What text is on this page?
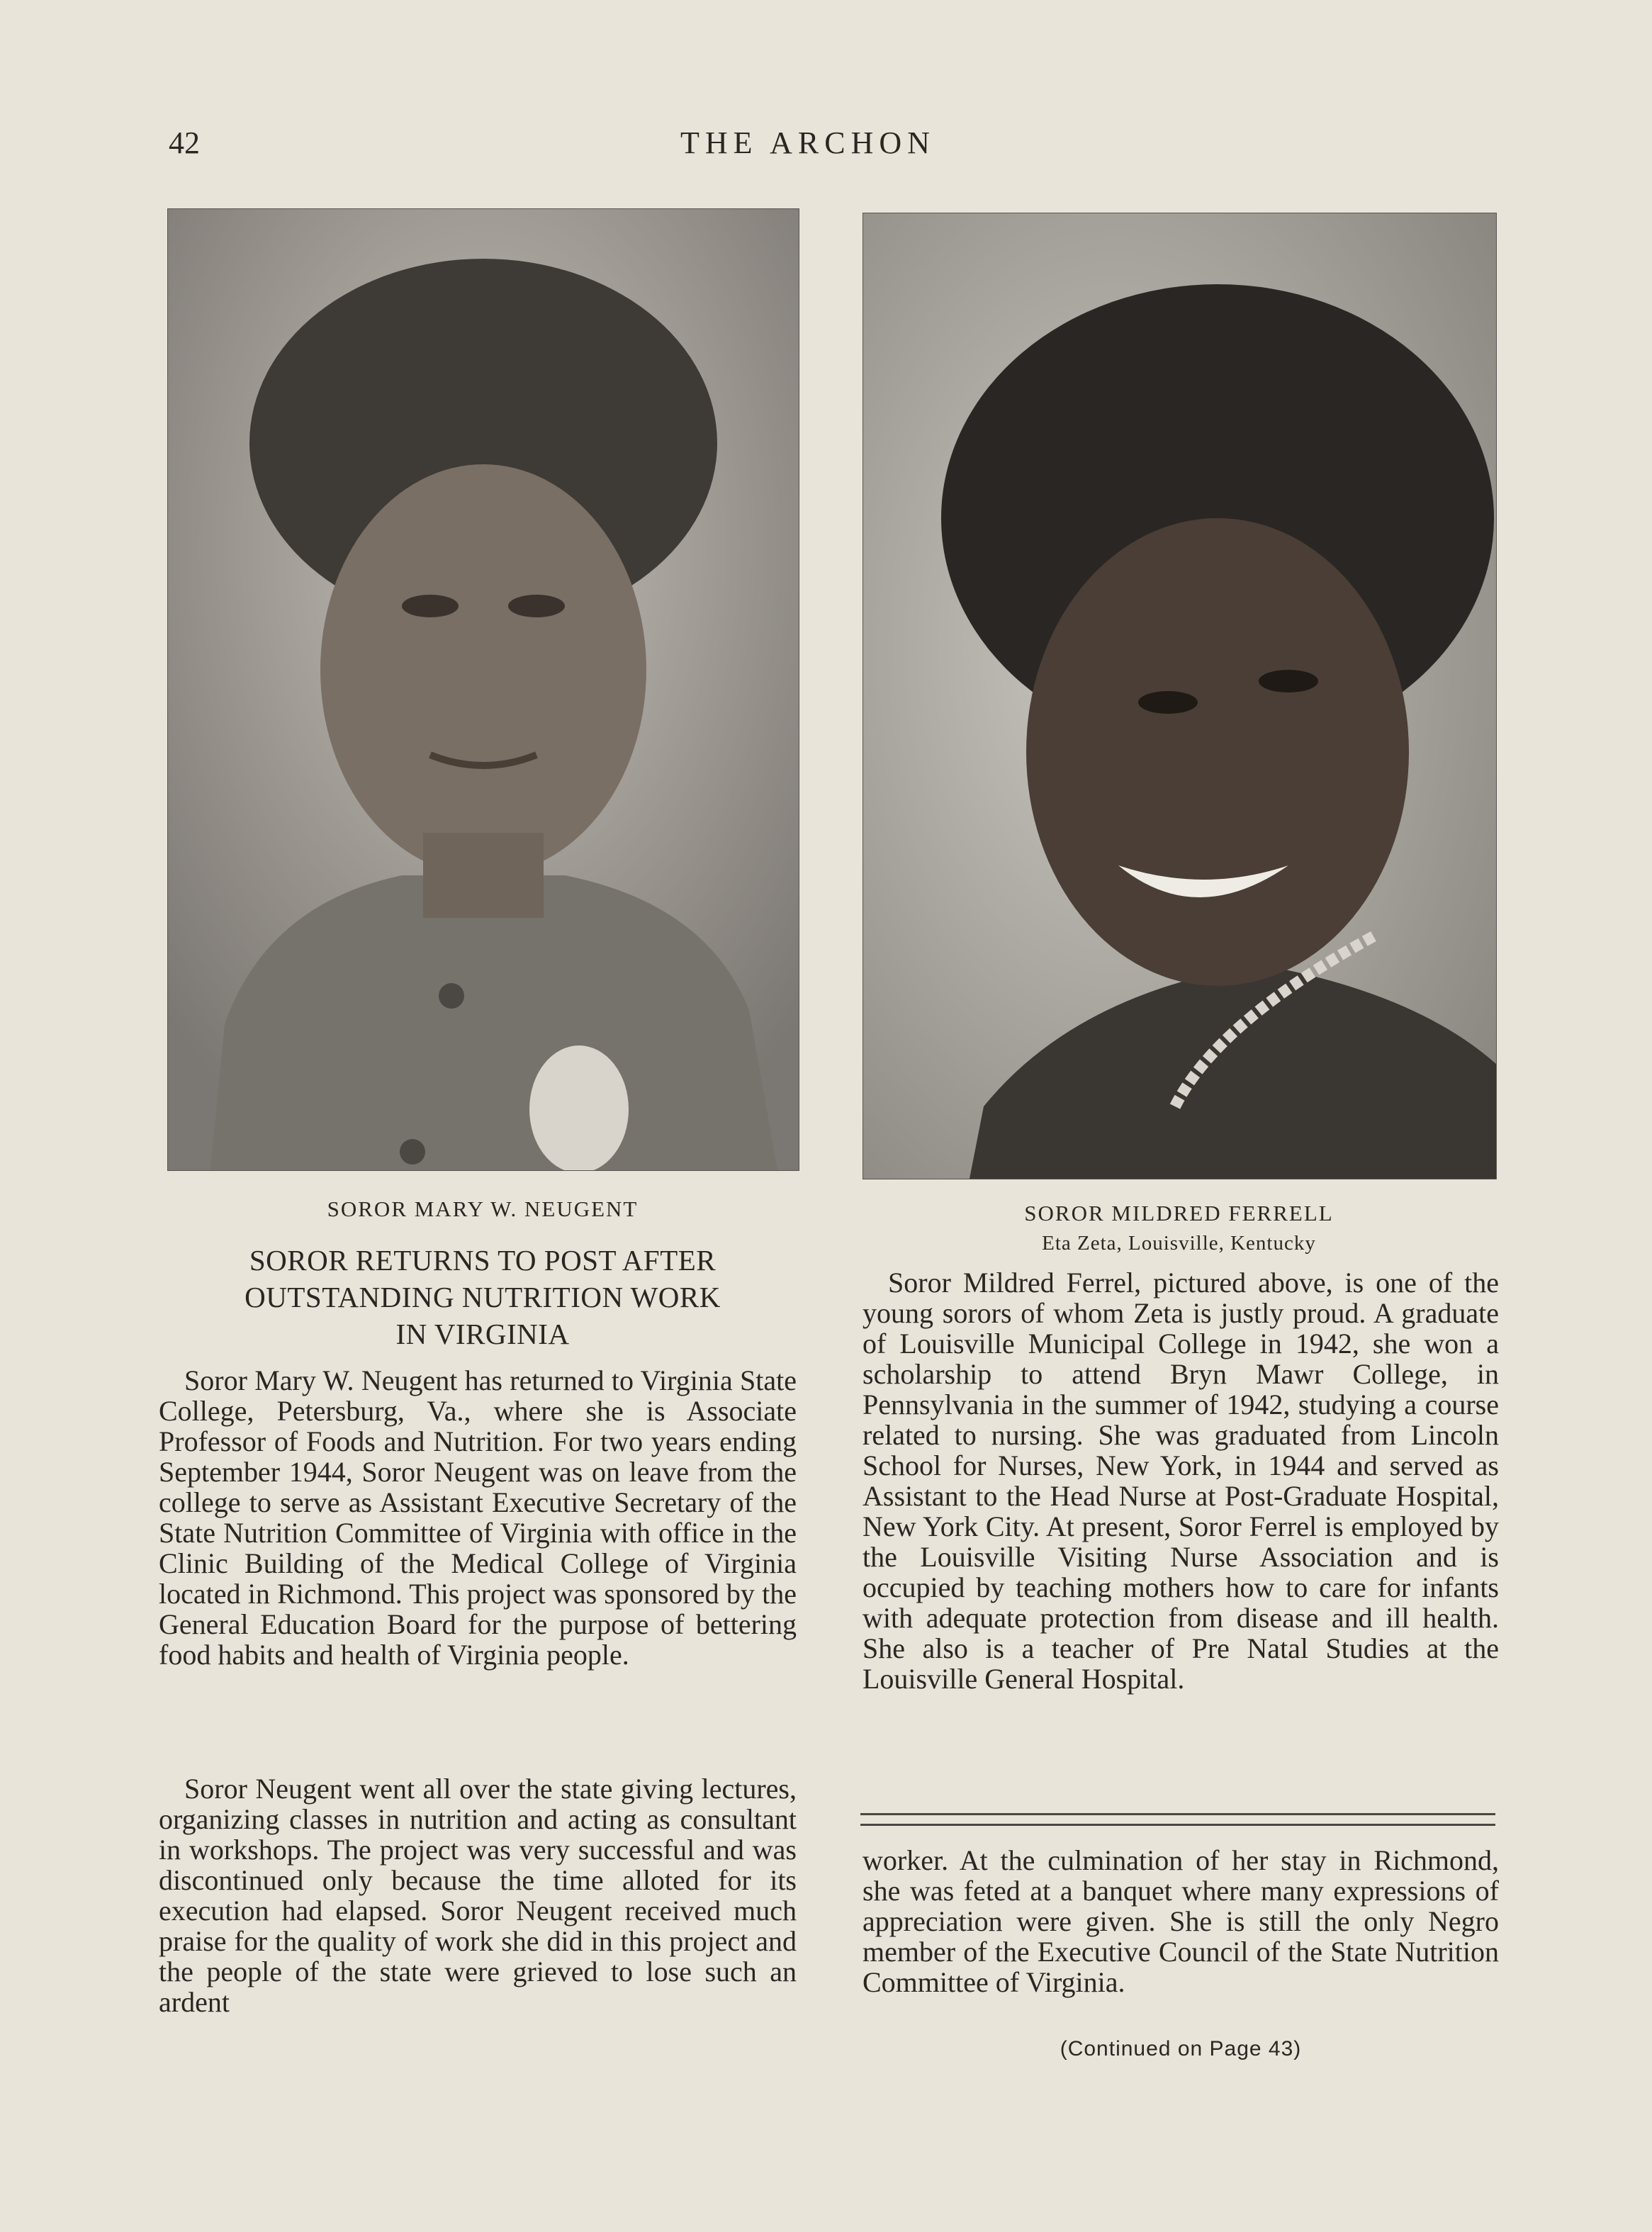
42	THE ARCHON
SOROR MARY W. NEUGENT	SOROR MILDRED FERRELL
Eta Zeta, Louisville, Kentucky
SOROR RETURNS TO POST AFTER
OUTSTANDING NUTRITION WORK
IN VIRGINIA

Soror Mary W. Neugent has returned to Virginia State College, Petersburg, Va., where she is Associate Professor of Foods and Nutrition. For two years ending September 1944, Soror Neugent was on leave from the college to serve as Assistant Executive Secretary of the State Nutrition Committee of Virginia with office in the Clinic Building of the Medical College of Virginia located in Richmond. This project was sponsored by the General Education Board for the purpose of bettering food habits and health of Virginia people.

Soror Neugent went all over the state giving lectures, organizing classes in nutrition and acting as consultant in workshops. The project was very successful and was discontinued only because the time alloted for its execution had elapsed. Soror Neugent received much praise for the quality of work she did in this project and the people of the state were grieved to lose such an ardent

Soror Mildred Ferrel, pictured above, is one of the young sorors of whom Zeta is justly proud. A graduate of Louisville Municipal College in 1942, she won a scholarship to attend Bryn Mawr College, in Pennsylvania in the summer of 1942, studying a course related to nursing. She was graduated from Lincoln School for Nurses, New York, in 1944 and served as Assistant to the Head Nurse at Post-Graduate Hospital, New York City. At present, Soror Ferrel is employed by the Louisville Visiting Nurse Association and is occupied by teaching mothers how to care for infants with adequate protection from disease and ill health. She also is a teacher of Pre Natal Studies at the Louisville General Hospital.

worker. At the culmination of her stay in Richmond, she was feted at a banquet where many expressions of appreciation were given. She is still the only Negro member of the Executive Council of the State Nutrition Committee of Virginia.

(Continued on Page 43)
